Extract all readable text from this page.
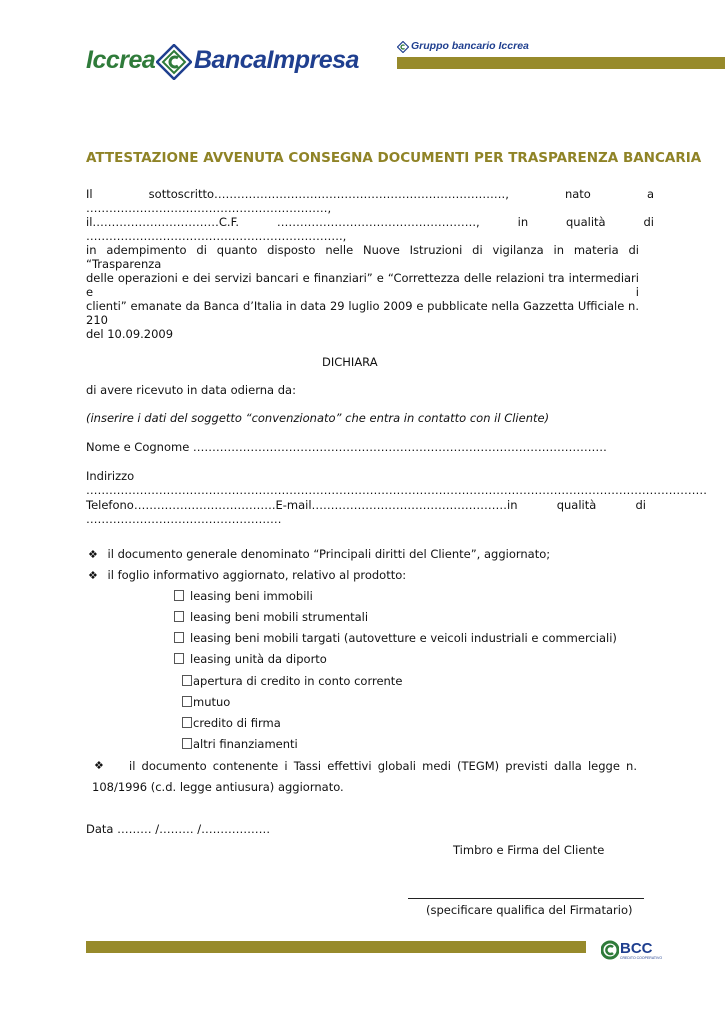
Iccrea BancaImpresa	Gruppo bancario Iccrea
ATTESTAZIONE AVVENUTA CONSEGNA DOCUMENTI PER TRASPARENZA BANCARIA
Il sottoscritto…………………………………………………………………., nato a ………………………………………………………,
il……………………………C.F. ……………………………………………., in qualità di ………………………………………………………….,
in adempimento di quanto disposto nelle Nuove Istruzioni di vigilanza in materia di “Trasparenza
delle operazioni e dei servizi bancari e finanziari” e “Correttezza delle relazioni tra intermediari e i
clienti” emanate da Banca d’Italia in data 29 luglio 2009 e pubblicate nella Gazzetta Ufficiale n. 210
del 10.09.2009
DICHIARA
di avere ricevuto in data odierna da:
(inserire i dati del soggetto “convenzionato” che entra in contatto con il Cliente)
Nome e Cognome ………………………………………………………………………………………………
Indirizzo ………………………………………………………………………………………………………………………………………………
Telefono……………………………….E-mail……………………………………………in qualità di ……………………………………………
❖ il documento generale denominato “Principali diritti del Cliente”, aggiornato;
❖ il foglio informativo aggiornato, relativo al prodotto:
leasing beni immobili
leasing beni mobili strumentali
leasing beni mobili targati (autovetture e veicoli industriali e commerciali)
leasing unità da diporto
apertura di credito in conto corrente
mutuo
credito di firma
altri finanziamenti
❖ il documento contenente i Tassi effettivi globali medi (TEGM) previsti dalla legge n.
108/1996 (c.d. legge antiusura) aggiornato.
Data ……… /……… /………………
Timbro e Firma del Cliente
(specificare qualifica del Firmatario)
BCC
CREDITO COOPERATIVO
